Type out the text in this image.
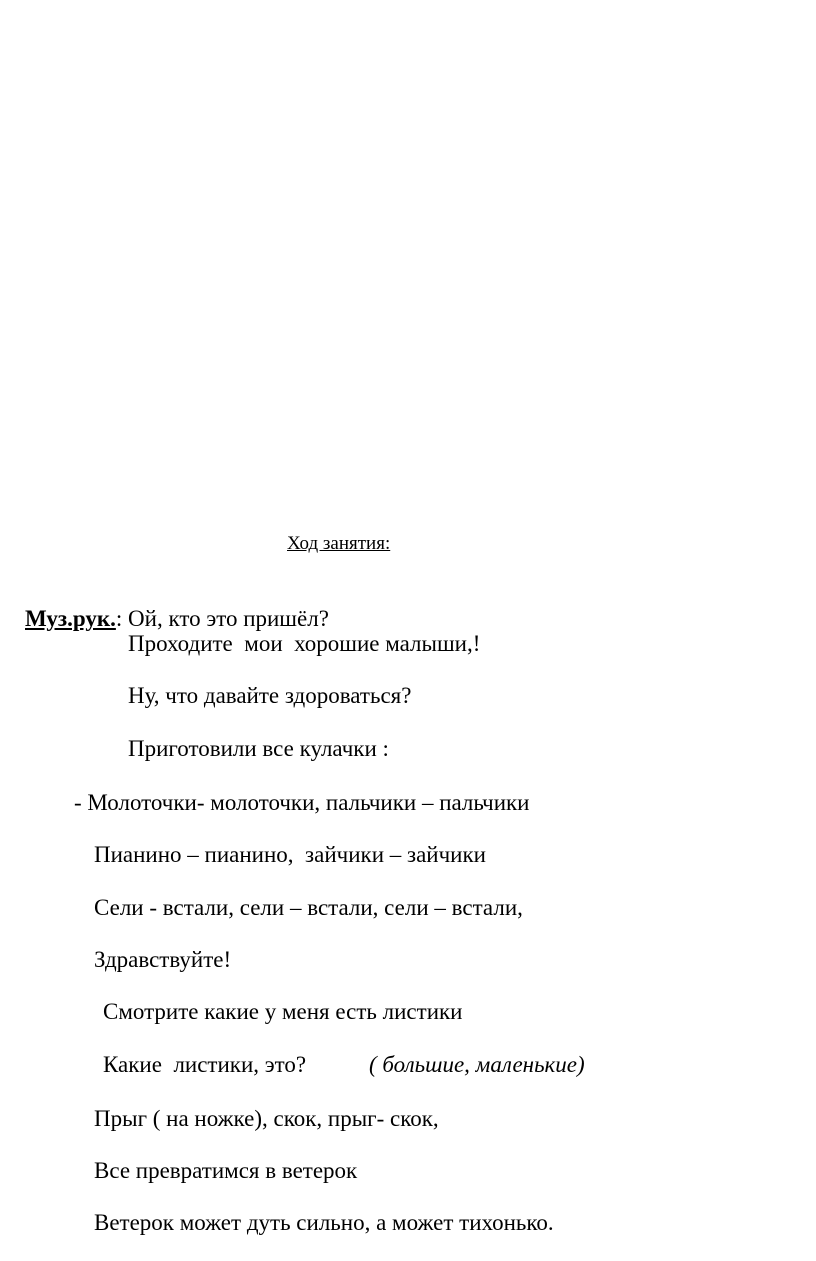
Ход занятия:

Муз.рук.: Ой, кто это пришёл?

Проходите  мои  хорошие малыши,!
Ну, что давайте здороваться?
Приготовили все кулачки :
- Молоточки- молоточки, пальчики – пальчики
Пианино – пианино,  зайчики – зайчики
Сели - встали, сели – встали, сели – встали,
Здравствуйте!
Смотрите какие у меня есть листики
Какие  листики, это?	( большие, маленькие)
Прыг ( на ножке), скок, прыг- скок,
Все превратимся в ветерок
Ветерок может дуть сильно, а может тихонько.
